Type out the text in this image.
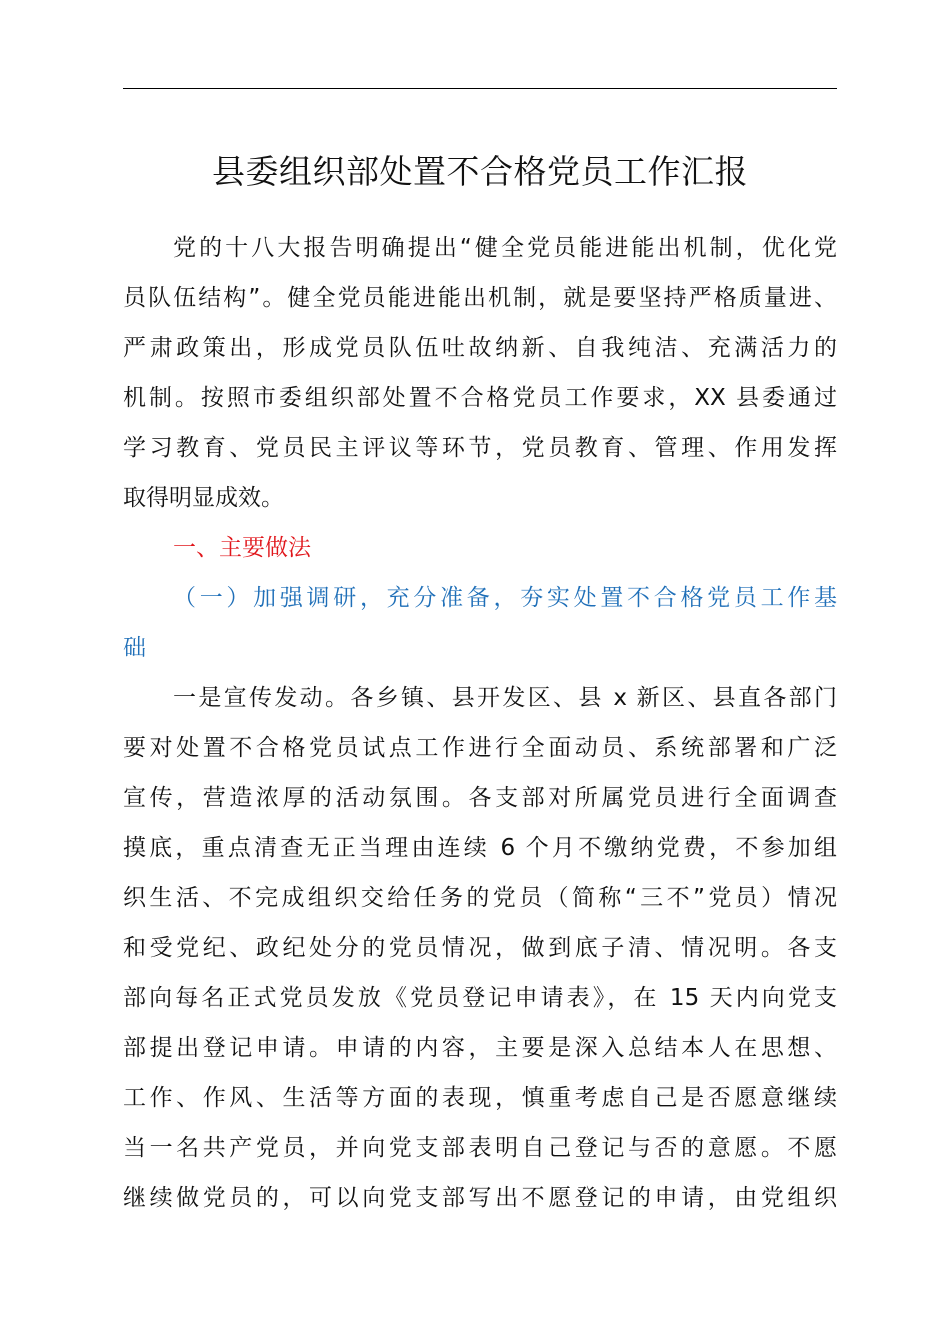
县委组织部处置不合格党员工作汇报
党的十八大报告明确提出“健全党员能进能出机制，优化党
员队伍结构”。健全党员能进能出机制，就是要坚持严格质量进、
严肃政策出，形成党员队伍吐故纳新、自我纯洁、充满活力的
机制。按照市委组织部处置不合格党员工作要求，XX 县委通过
学习教育、党员民主评议等环节，党员教育、管理、作用发挥
取得明显成效。
一、主要做法
（一）加强调研，充分准备，夯实处置不合格党员工作基
础
一是宣传发动。各乡镇、县开发区、县 x 新区、县直各部门
要对处置不合格党员试点工作进行全面动员、系统部署和广泛
宣传，营造浓厚的活动氛围。各支部对所属党员进行全面调查
摸底，重点清查无正当理由连续 6 个月不缴纳党费，不参加组
织生活、不完成组织交给任务的党员（简称“三不”党员）情况
和受党纪、政纪处分的党员情况，做到底子清、情况明。各支
部向每名正式党员发放《党员登记申请表》，在 15 天内向党支
部提出登记申请。申请的内容，主要是深入总结本人在思想、
工作、作风、生活等方面的表现，慎重考虑自己是否愿意继续
当一名共产党员，并向党支部表明自己登记与否的意愿。不愿
继续做党员的，可以向党支部写出不愿登记的申请，由党组织
